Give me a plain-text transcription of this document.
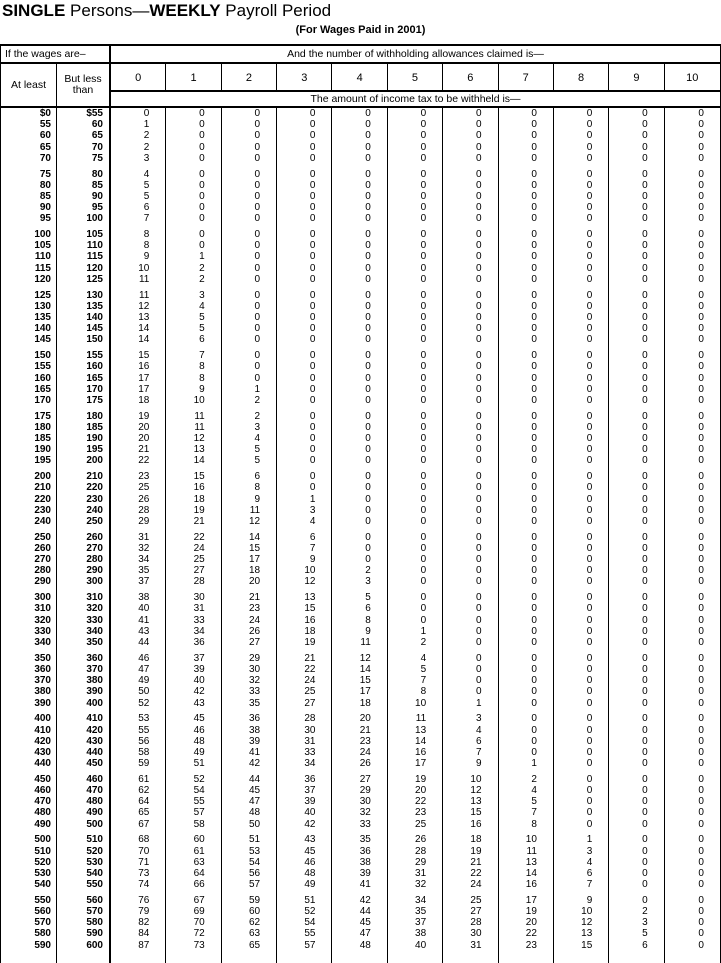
SINGLE Persons—WEEKLY Payroll Period
(For Wages Paid in 2001)
If the wages are–	And the number of withholding allowances claimed is—
At least	But less
than
0	1	2	3	4	5	6	7	8	9	10
The amount of income tax to be withheld is—
$0	$55	0	0	0	0	0	0	0	0	0	0	0
55	60	1	0	0	0	0	0	0	0	0	0	0
60	65	2	0	0	0	0	0	0	0	0	0	0
65	70	2	0	0	0	0	0	0	0	0	0	0
70	75	3	0	0	0	0	0	0	0	0	0	0
75	80	4	0	0	0	0	0	0	0	0	0	0
80	85	5	0	0	0	0	0	0	0	0	0	0
85	90	5	0	0	0	0	0	0	0	0	0	0
90	95	6	0	0	0	0	0	0	0	0	0	0
95	100	7	0	0	0	0	0	0	0	0	0	0
100	105	8	0	0	0	0	0	0	0	0	0	0
105	110	8	0	0	0	0	0	0	0	0	0	0
110	115	9	1	0	0	0	0	0	0	0	0	0
115	120	10	2	0	0	0	0	0	0	0	0	0
120	125	11	2	0	0	0	0	0	0	0	0	0
125	130	11	3	0	0	0	0	0	0	0	0	0
130	135	12	4	0	0	0	0	0	0	0	0	0
135	140	13	5	0	0	0	0	0	0	0	0	0
140	145	14	5	0	0	0	0	0	0	0	0	0
145	150	14	6	0	0	0	0	0	0	0	0	0
150	155	15	7	0	0	0	0	0	0	0	0	0
155	160	16	8	0	0	0	0	0	0	0	0	0
160	165	17	8	0	0	0	0	0	0	0	0	0
165	170	17	9	1	0	0	0	0	0	0	0	0
170	175	18	10	2	0	0	0	0	0	0	0	0
175	180	19	11	2	0	0	0	0	0	0	0	0
180	185	20	11	3	0	0	0	0	0	0	0	0
185	190	20	12	4	0	0	0	0	0	0	0	0
190	195	21	13	5	0	0	0	0	0	0	0	0
195	200	22	14	5	0	0	0	0	0	0	0	0
200	210	23	15	6	0	0	0	0	0	0	0	0
210	220	25	16	8	0	0	0	0	0	0	0	0
220	230	26	18	9	1	0	0	0	0	0	0	0
230	240	28	19	11	3	0	0	0	0	0	0	0
240	250	29	21	12	4	0	0	0	0	0	0	0
250	260	31	22	14	6	0	0	0	0	0	0	0
260	270	32	24	15	7	0	0	0	0	0	0	0
270	280	34	25	17	9	0	0	0	0	0	0	0
280	290	35	27	18	10	2	0	0	0	0	0	0
290	300	37	28	20	12	3	0	0	0	0	0	0
300	310	38	30	21	13	5	0	0	0	0	0	0
310	320	40	31	23	15	6	0	0	0	0	0	0
320	330	41	33	24	16	8	0	0	0	0	0	0
330	340	43	34	26	18	9	1	0	0	0	0	0
340	350	44	36	27	19	11	2	0	0	0	0	0
350	360	46	37	29	21	12	4	0	0	0	0	0
360	370	47	39	30	22	14	5	0	0	0	0	0
370	380	49	40	32	24	15	7	0	0	0	0	0
380	390	50	42	33	25	17	8	0	0	0	0	0
390	400	52	43	35	27	18	10	1	0	0	0	0
400	410	53	45	36	28	20	11	3	0	0	0	0
410	420	55	46	38	30	21	13	4	0	0	0	0
420	430	56	48	39	31	23	14	6	0	0	0	0
430	440	58	49	41	33	24	16	7	0	0	0	0
440	450	59	51	42	34	26	17	9	1	0	0	0
450	460	61	52	44	36	27	19	10	2	0	0	0
460	470	62	54	45	37	29	20	12	4	0	0	0
470	480	64	55	47	39	30	22	13	5	0	0	0
480	490	65	57	48	40	32	23	15	7	0	0	0
490	500	67	58	50	42	33	25	16	8	0	0	0
500	510	68	60	51	43	35	26	18	10	1	0	0
510	520	70	61	53	45	36	28	19	11	3	0	0
520	530	71	63	54	46	38	29	21	13	4	0	0
530	540	73	64	56	48	39	31	22	14	6	0	0
540	550	74	66	57	49	41	32	24	16	7	0	0
550	560	76	67	59	51	42	34	25	17	9	0	0
560	570	79	69	60	52	44	35	27	19	10	2	0
570	580	82	70	62	54	45	37	28	20	12	3	0
580	590	84	72	63	55	47	38	30	22	13	5	0
590	600	87	73	65	57	48	40	31	23	15	6	0
